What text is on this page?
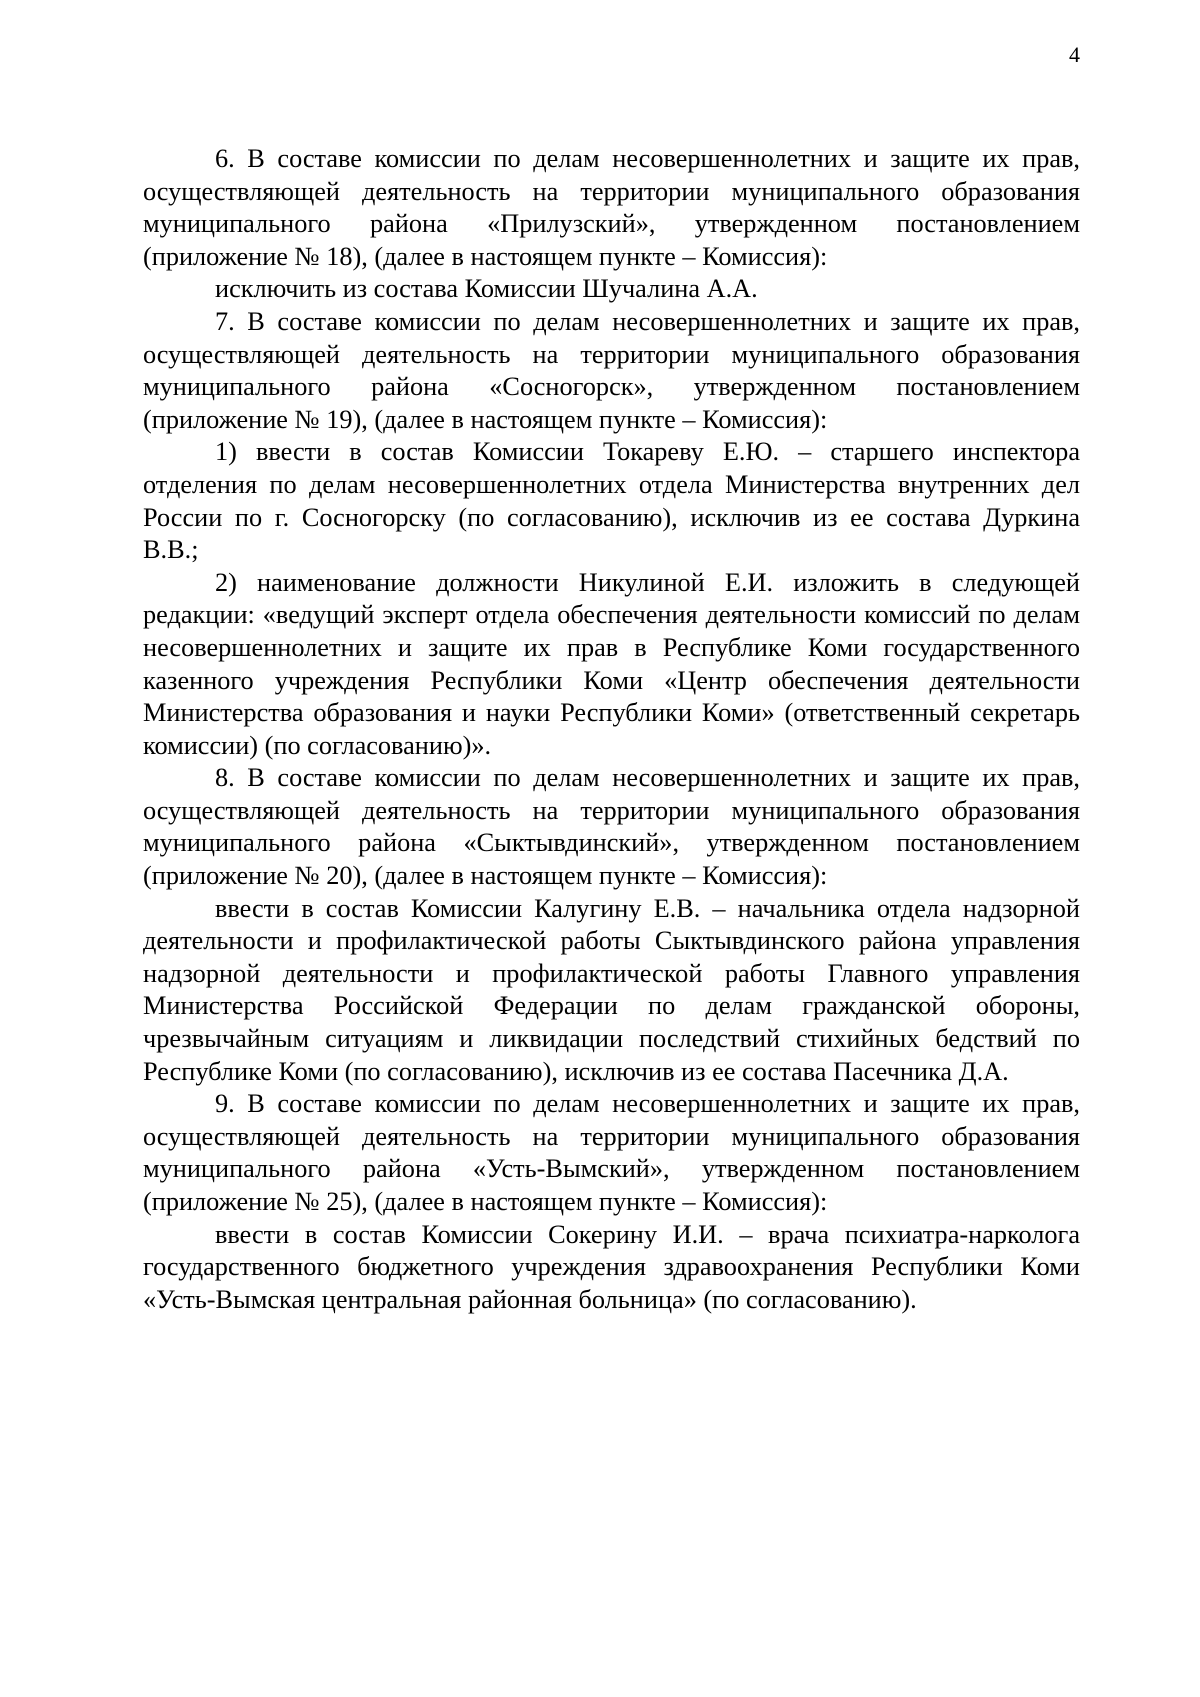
4

6. В составе комиссии по делам несовершеннолетних и защите их прав, осуществляющей деятельность на территории муниципального образования муниципального района «Прилузский», утвержденном постановлением (приложение № 18), (далее в настоящем пункте – Комиссия):

исключить из состава Комиссии Шучалина А.А.

7. В составе комиссии по делам несовершеннолетних и защите их прав, осуществляющей деятельность на территории муниципального образования муниципального района «Сосногорск», утвержденном постановлением (приложение № 19), (далее в настоящем пункте – Комиссия):

1) ввести в состав Комиссии Токареву Е.Ю. – старшего инспектора отделения по делам несовершеннолетних отдела Министерства внутренних дел России по г. Сосногорску (по согласованию), исключив из ее состава Дуркина В.В.;

2) наименование должности Никулиной Е.И. изложить в следующей редакции: «ведущий эксперт отдела обеспечения деятельности комиссий по делам несовершеннолетних и защите их прав в Республике Коми государственного казенного учреждения Республики Коми «Центр обеспечения деятельности Министерства образования и науки Республики Коми» (ответственный секретарь комиссии) (по согласованию)».

8. В составе комиссии по делам несовершеннолетних и защите их прав, осуществляющей деятельность на территории муниципального образования муниципального района «Сыктывдинский», утвержденном постановлением (приложение № 20), (далее в настоящем пункте – Комиссия):

ввести в состав Комиссии Калугину Е.В. – начальника отдела надзорной деятельности и профилактической работы Сыктывдинского района управления надзорной деятельности и профилактической работы Главного управления Министерства Российской Федерации по делам гражданской обороны, чрезвычайным ситуациям и ликвидации последствий стихийных бедствий по Республике Коми (по согласованию), исключив из ее состава Пасечника Д.А.

9. В составе комиссии по делам несовершеннолетних и защите их прав, осуществляющей деятельность на территории муниципального образования муниципального района «Усть-Вымский», утвержденном постановлением (приложение № 25), (далее в настоящем пункте – Комиссия):

ввести в состав Комиссии Сокерину И.И. – врача психиатра-нарколога государственного бюджетного учреждения здравоохранения Республики Коми «Усть-Вымская центральная районная больница» (по согласованию).
